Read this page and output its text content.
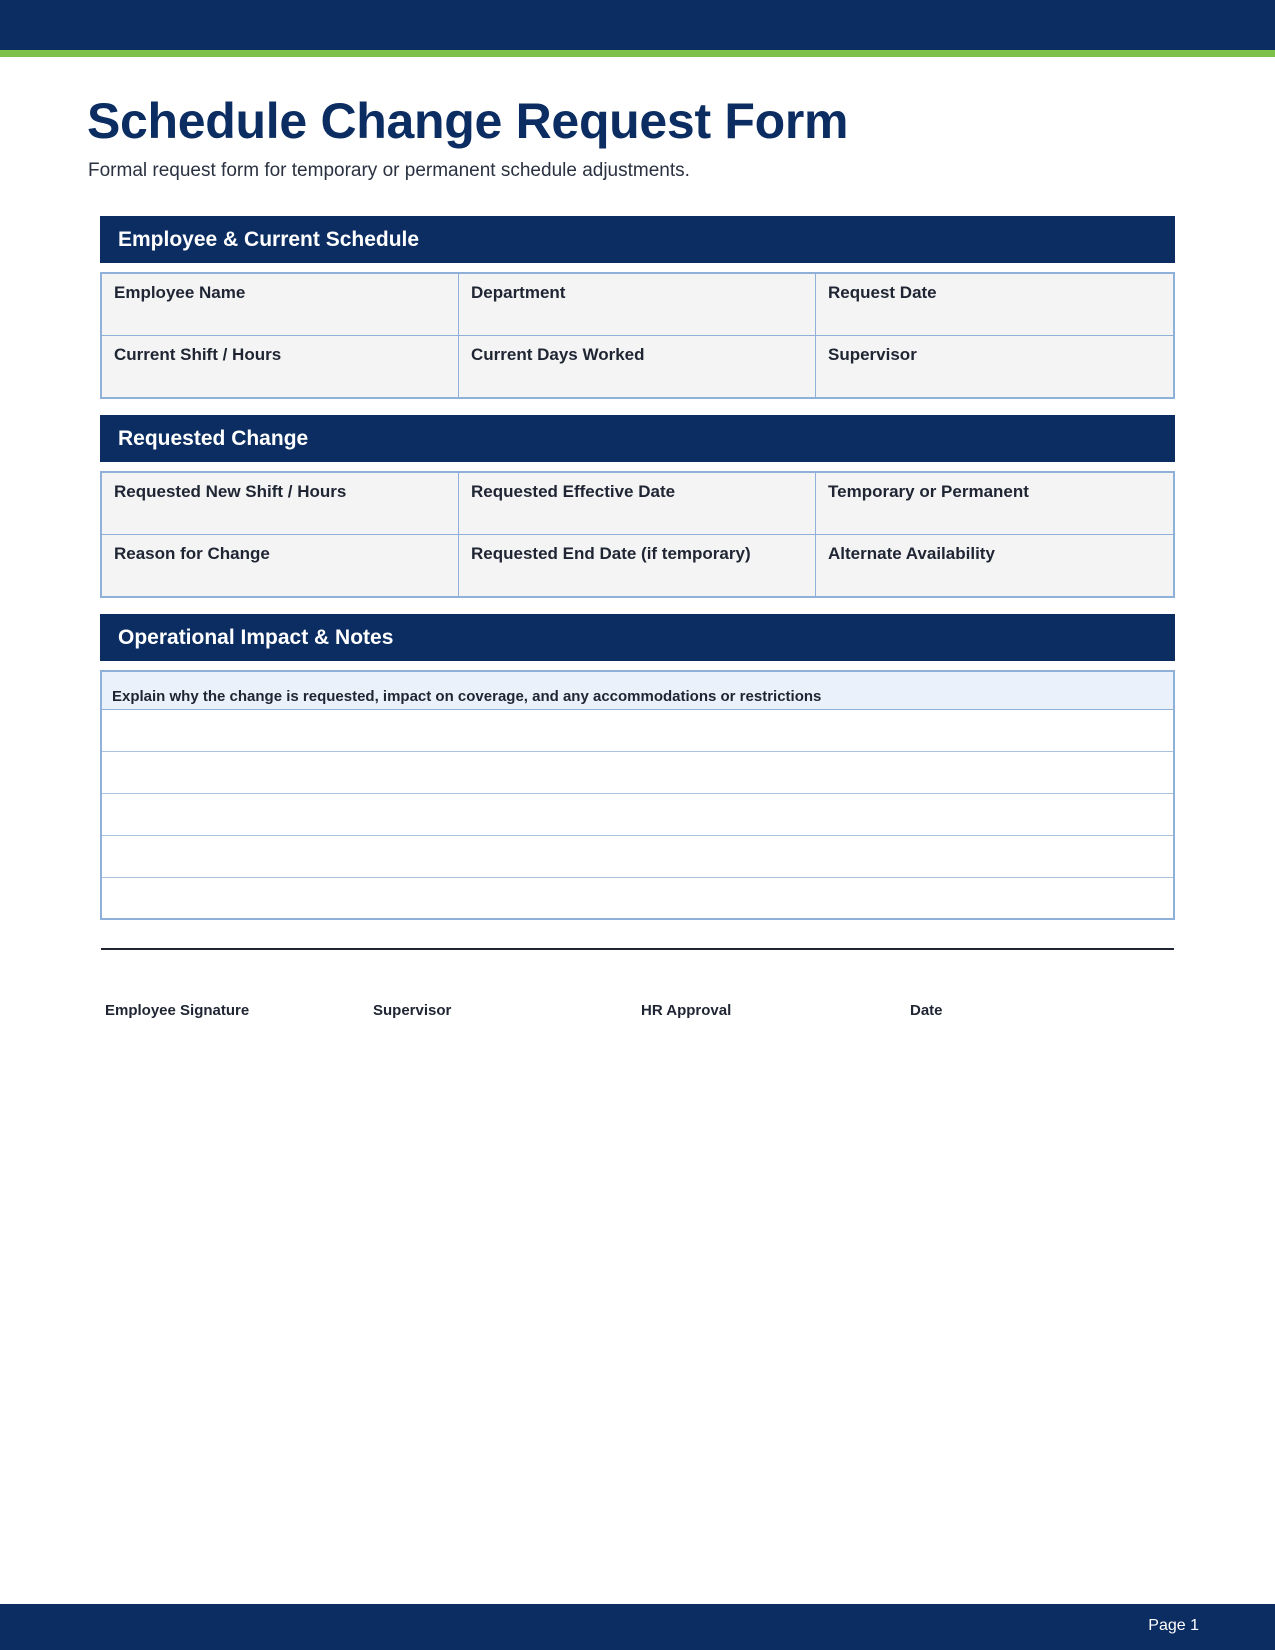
Schedule Change Request Form

Formal request form for temporary or permanent schedule adjustments.

Employee & Current Schedule
Employee Name	Department	Request Date
Current Shift / Hours	Current Days Worked	Supervisor
Requested Change
Requested New Shift / Hours	Requested Effective Date	Temporary or Permanent
Reason for Change	Requested End Date (if temporary)	Alternate Availability
Operational Impact & Notes
Explain why the change is requested, impact on coverage, and any accommodations or restrictions
Employee Signature	Supervisor	HR Approval	Date
Page 1
